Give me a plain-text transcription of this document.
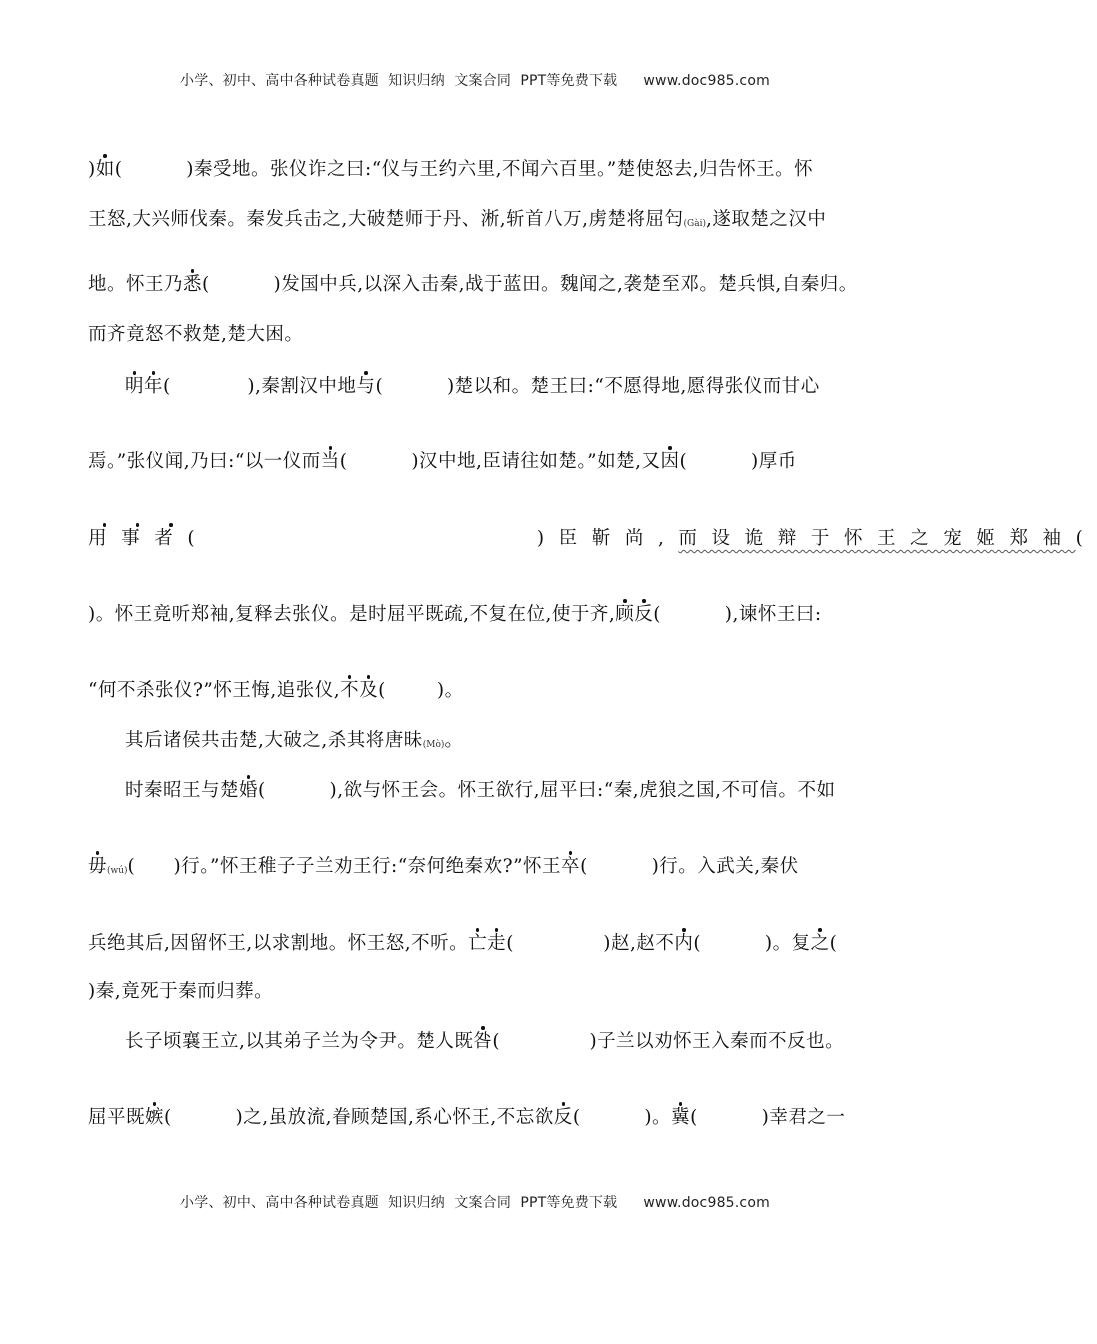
小学、初中、高中各种试卷真题  知识归纳  文案合同  PPT等免费下载 www.doc985.com
)如(          )秦受地。张仪诈之曰:“仪与王约六里,不闻六百里。”楚使怒去,归告怀王。怀
王怒,大兴师伐秦。秦发兵击之,大破楚师于丹、淅,斩首八万,虏楚将屈匄(Gài),遂取楚之汉中
地。怀王乃悉(          )发国中兵,以深入击秦,战于蓝田。魏闻之,袭楚至邓。楚兵惧,自秦归。
而齐竟怒不救楚,楚大困。
明年(            ),秦割汉中地与(          )楚以和。楚王曰:“不愿得地,愿得张仪而甘心
焉。”张仪闻,乃曰:“以一仪而当(          )汉中地,臣请往如楚。”如楚,又因(          )厚币
用事者(                )臣靳尚,而设诡辩于怀王之宠姬郑袖(
)。怀王竟听郑袖,复释去张仪。是时屈平既疏,不复在位,使于齐,顾反(          ),谏怀王曰:
“何不杀张仪?”怀王悔,追张仪,不及(        )。
其后诸侯共击楚,大破之,杀其将唐昧(Mò)。
时秦昭王与楚婚(          ),欲与怀王会。怀王欲行,屈平曰:“秦,虎狼之国,不可信。不如
毋(wú)(      )行。”怀王稚子子兰劝王行:“奈何绝秦欢?”怀王卒(          )行。入武关,秦伏
兵绝其后,因留怀王,以求割地。怀王怒,不听。亡走(              )赵,赵不内(          )。复之(
)秦,竟死于秦而归葬。
长子顷襄王立,以其弟子兰为令尹。楚人既咎(              )子兰以劝怀王入秦而不反也。
屈平既嫉(          )之,虽放流,眷顾楚国,系心怀王,不忘欲反(          )。冀(          )幸君之一
小学、初中、高中各种试卷真题  知识归纳  文案合同  PPT等免费下载 www.doc985.com
